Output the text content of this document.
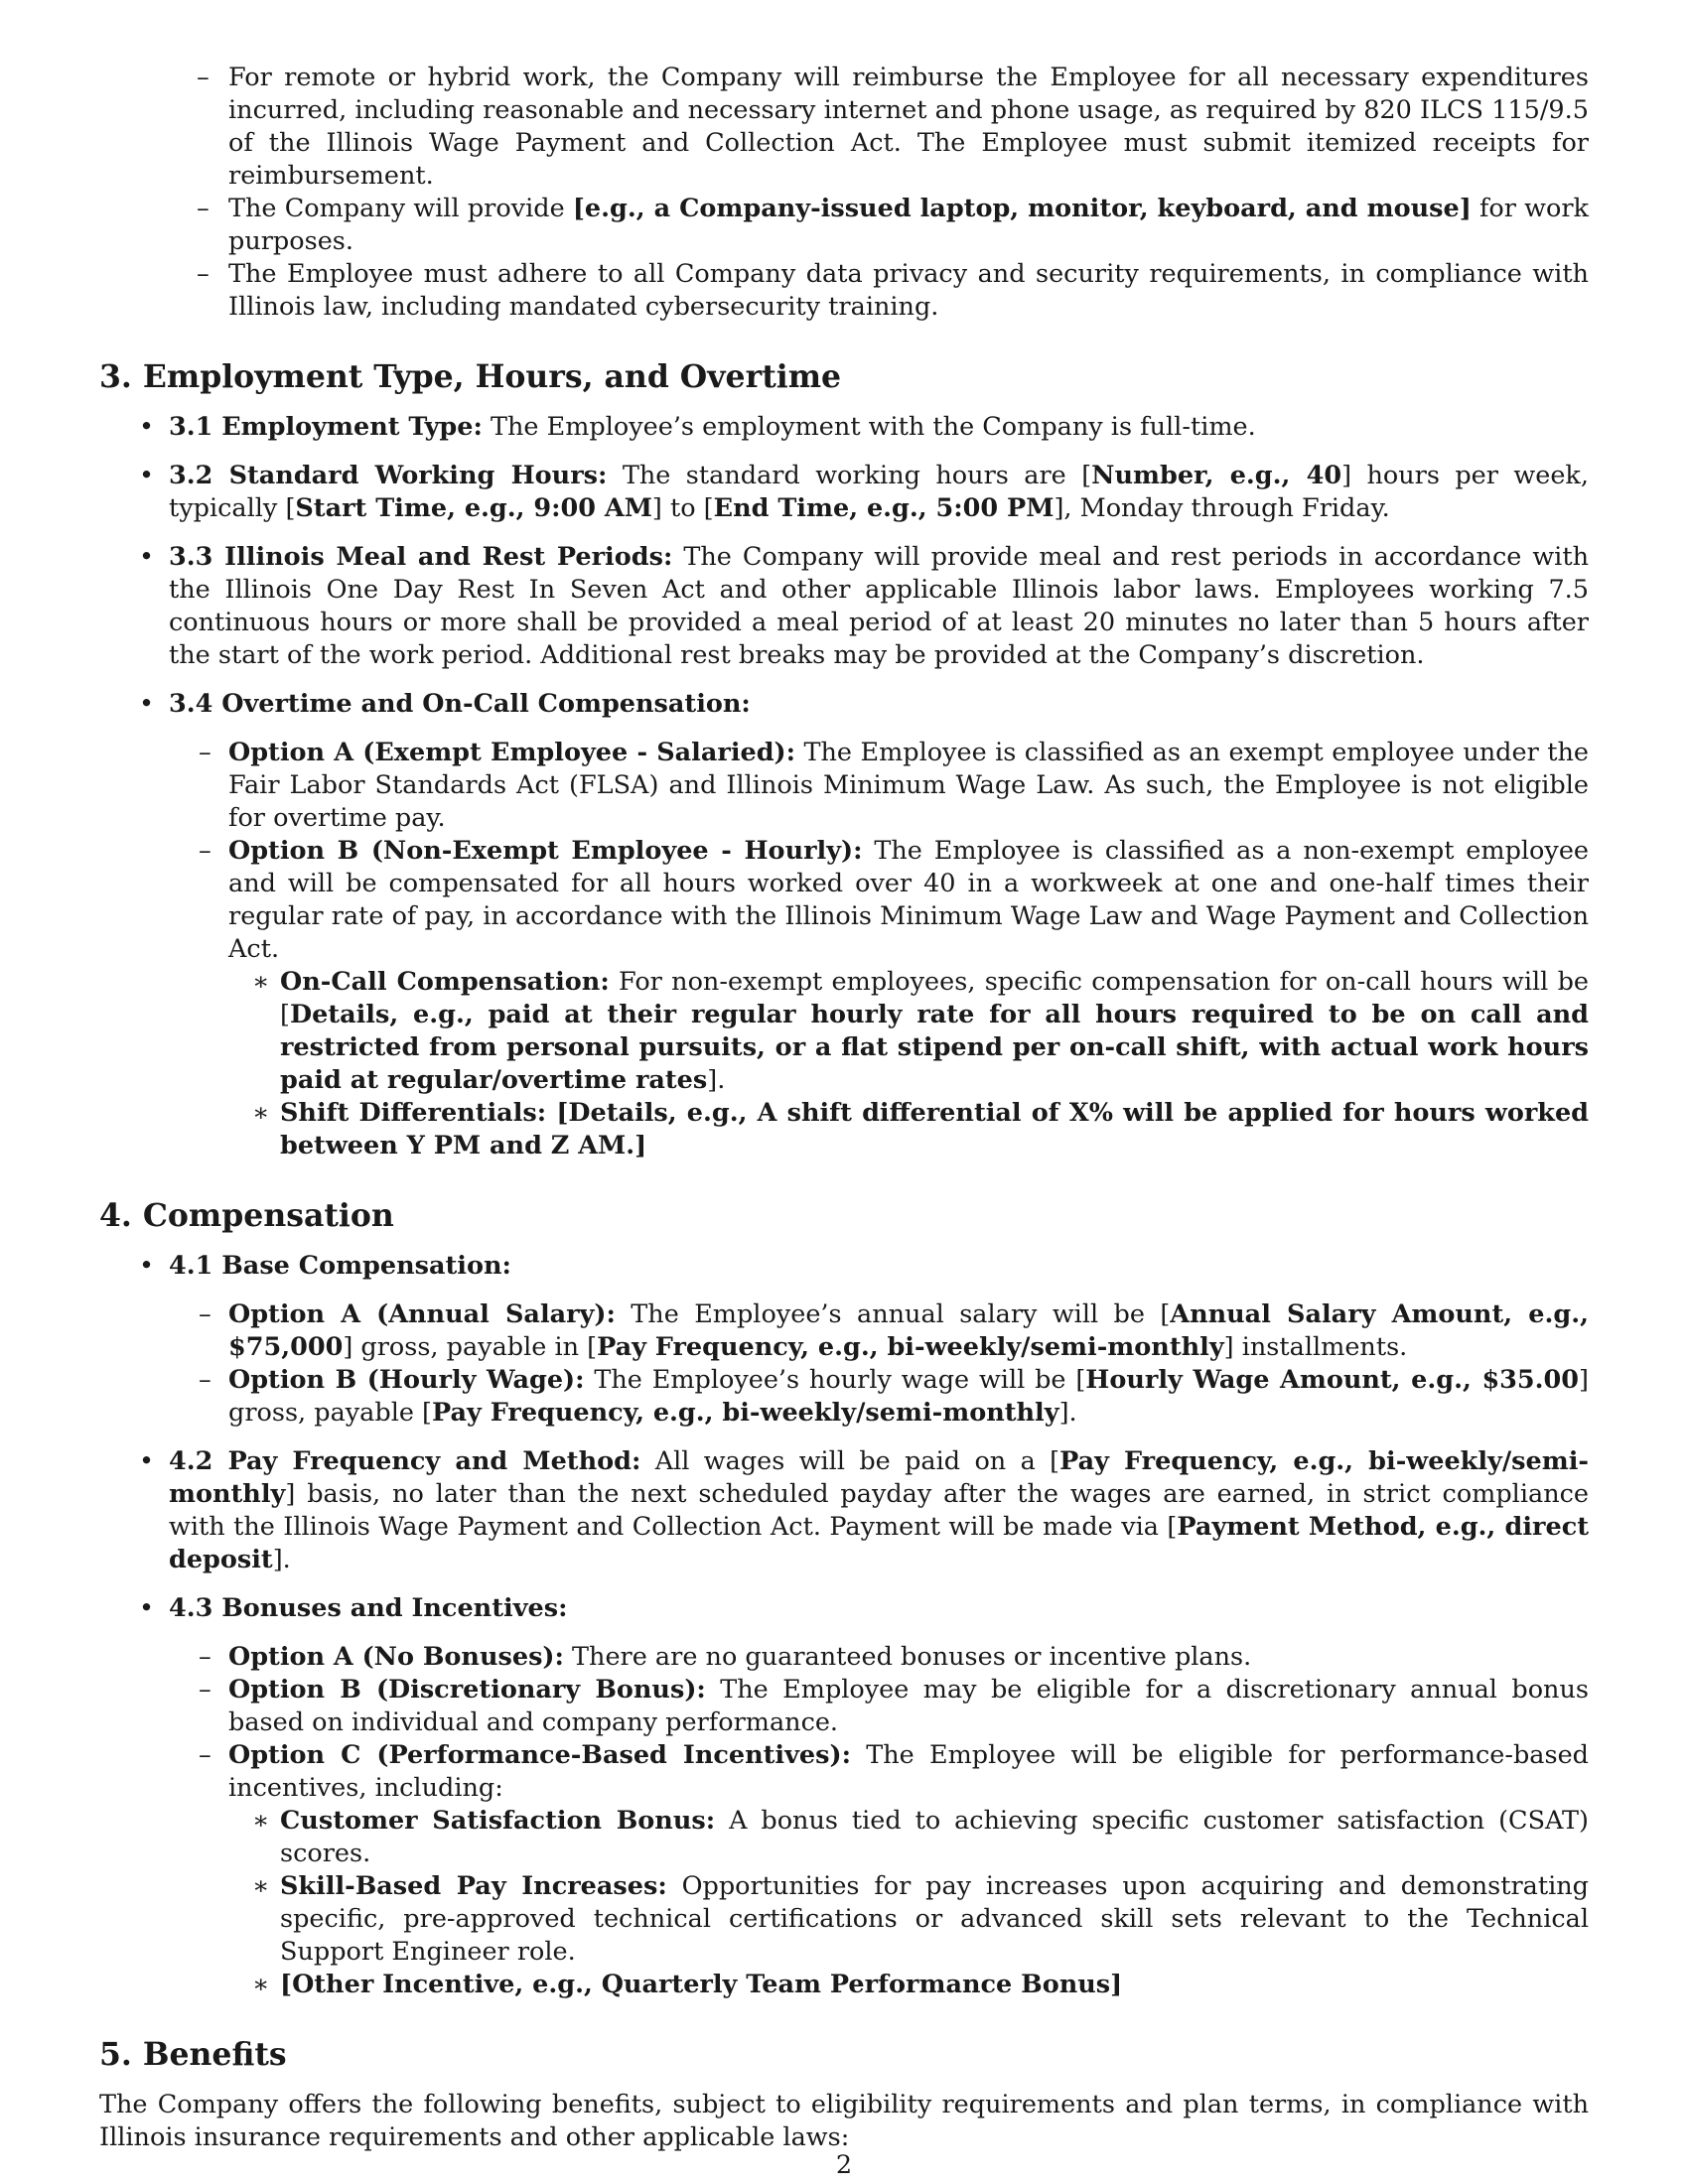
– For remote or hybrid work, the Company will reimburse the Employee for all necessary expenditures incurred, including reasonable and necessary internet and phone usage, as required by 820 ILCS 115/9.5 of the Illinois Wage Payment and Collection Act. The Employee must submit itemized receipts for reimbursement.
– The Company will provide [e.g., a Company-issued laptop, monitor, keyboard, and mouse] for work purposes.
– The Employee must adhere to all Company data privacy and security requirements, in compliance with Illinois law, including mandated cybersecurity training.
3. Employment Type, Hours, and Overtime
• 3.1 Employment Type: The Employee’s employment with the Company is full-time.
• 3.2 Standard Working Hours: The standard working hours are [Number, e.g., 40] hours per week, typically [Start Time, e.g., 9:00 AM] to [End Time, e.g., 5:00 PM], Monday through Friday.
• 3.3 Illinois Meal and Rest Periods: The Company will provide meal and rest periods in accordance with the Illinois One Day Rest In Seven Act and other applicable Illinois labor laws. Employees working 7.5 continuous hours or more shall be provided a meal period of at least 20 minutes no later than 5 hours after the start of the work period. Additional rest breaks may be provided at the Company’s discretion.
• 3.4 Overtime and On-Call Compensation:
– Option A (Exempt Employee - Salaried): The Employee is classified as an exempt employee under the Fair Labor Standards Act (FLSA) and Illinois Minimum Wage Law. As such, the Employee is not eligible for overtime pay.
– Option B (Non-Exempt Employee - Hourly): The Employee is classified as a non-exempt employee and will be compensated for all hours worked over 40 in a workweek at one and one-half times their regular rate of pay, in accordance with the Illinois Minimum Wage Law and Wage Payment and Collection Act.
∗ On-Call Compensation: For non-exempt employees, specific compensation for on-call hours will be [Details, e.g., paid at their regular hourly rate for all hours required to be on call and restricted from personal pursuits, or a flat stipend per on-call shift, with actual work hours paid at regular/overtime rates].
∗ Shift Differentials: [Details, e.g., A shift differential of X% will be applied for hours worked between Y PM and Z AM.]
4. Compensation
• 4.1 Base Compensation:
– Option A (Annual Salary): The Employee’s annual salary will be [Annual Salary Amount, e.g., $75,000] gross, payable in [Pay Frequency, e.g., bi-weekly/semi-monthly] installments.
– Option B (Hourly Wage): The Employee’s hourly wage will be [Hourly Wage Amount, e.g., $35.00] gross, payable [Pay Frequency, e.g., bi-weekly/semi-monthly].
• 4.2 Pay Frequency and Method: All wages will be paid on a [Pay Frequency, e.g., bi-weekly/semi-monthly] basis, no later than the next scheduled payday after the wages are earned, in strict compliance with the Illinois Wage Payment and Collection Act. Payment will be made via [Payment Method, e.g., direct deposit].
• 4.3 Bonuses and Incentives:
– Option A (No Bonuses): There are no guaranteed bonuses or incentive plans.
– Option B (Discretionary Bonus): The Employee may be eligible for a discretionary annual bonus based on individual and company performance.
– Option C (Performance-Based Incentives): The Employee will be eligible for performance-based incentives, including:
∗ Customer Satisfaction Bonus: A bonus tied to achieving specific customer satisfaction (CSAT) scores.
∗ Skill-Based Pay Increases: Opportunities for pay increases upon acquiring and demonstrating specific, pre-approved technical certifications or advanced skill sets relevant to the Technical Support Engineer role.
∗ [Other Incentive, e.g., Quarterly Team Performance Bonus]
5. Benefits
The Company offers the following benefits, subject to eligibility requirements and plan terms, in compliance with Illinois insurance requirements and other applicable laws:
2
